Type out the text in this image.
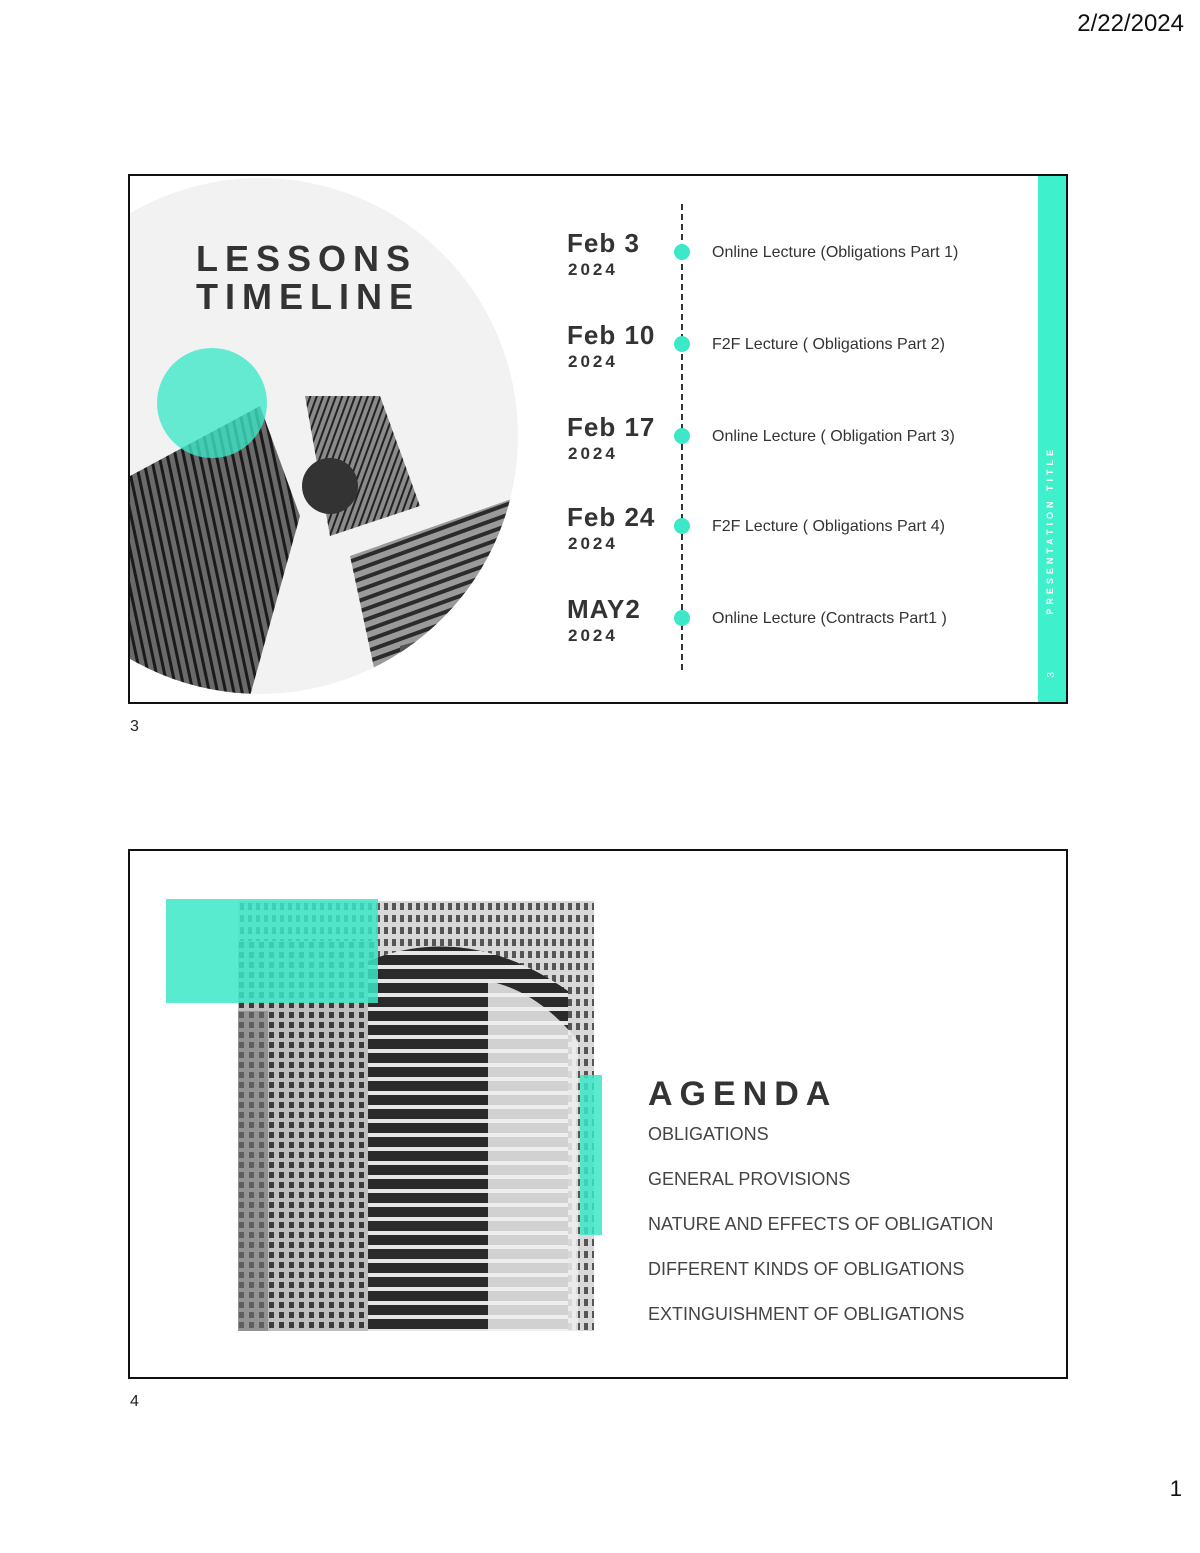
2/22/2024
LESSONS
TIMELINE
Feb 3
2024
Online Lecture (Obligations Part 1)
Feb 10
2024
F2F Lecture ( Obligations Part 2)
Feb 17
2024
Online Lecture ( Obligation Part 3)
Feb 24
2024
F2F Lecture ( Obligations Part 4)
MAY2
2024
Online Lecture (Contracts Part1 )
PRESENTATION TITLE
3
3
AGENDA
OBLIGATIONS
GENERAL PROVISIONS
NATURE AND EFFECTS OF OBLIGATION
DIFFERENT KINDS OF OBLIGATIONS
EXTINGUISHMENT OF OBLIGATIONS
4
1
